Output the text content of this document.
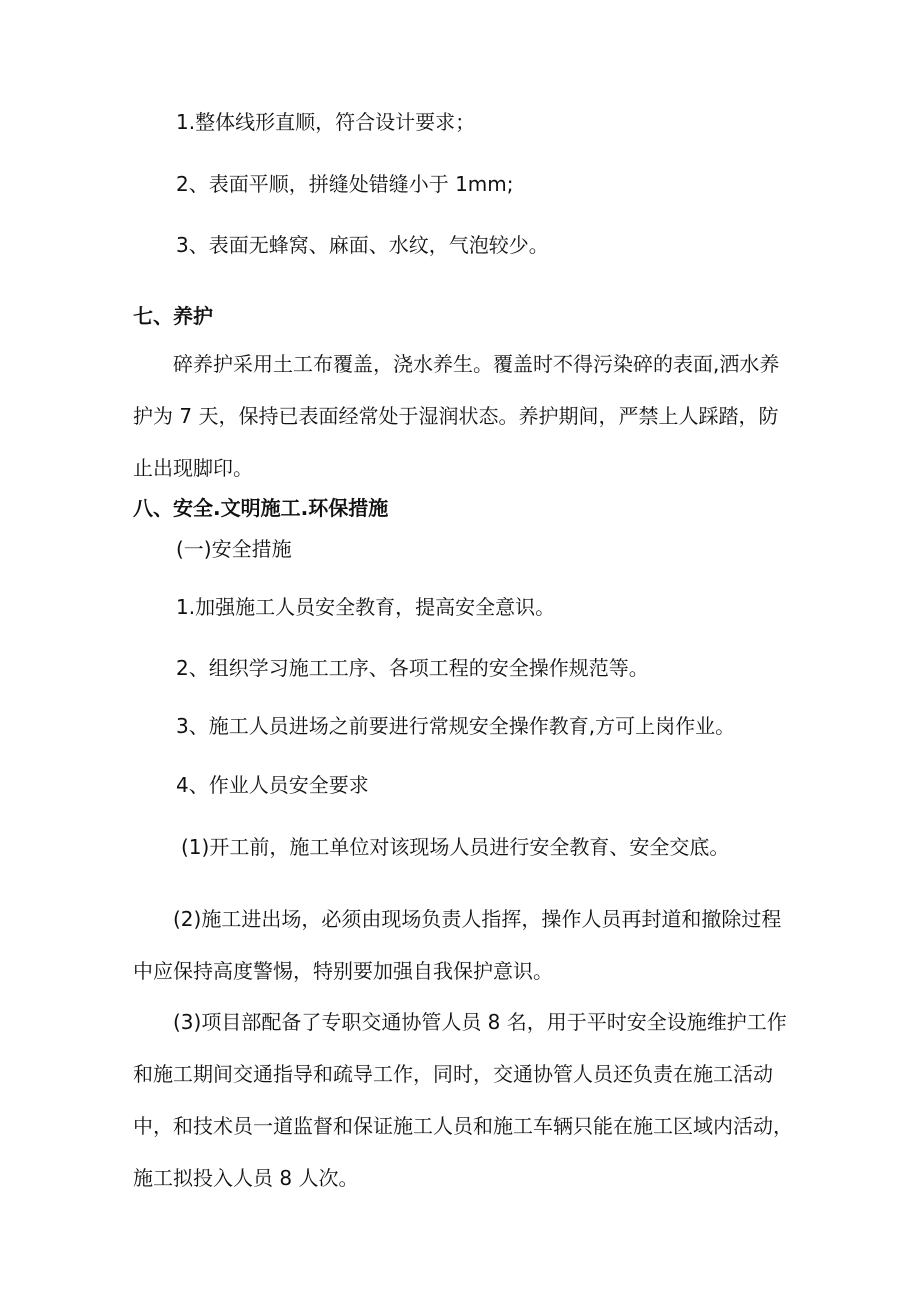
1.整体线形直顺，符合设计要求；
2、表面平顺，拼缝处错缝小于 1mm;
3、表面无蜂窝、麻面、水纹，气泡较少。
七、养护
碎养护采用土工布覆盖，浇水养生。覆盖时不得污染碎的表面,洒水养护为 7 天，保持已表面经常处于湿润状态。养护期间，严禁上人踩踏，防止出现脚印。
八、安全.文明施工.环保措施
(一)安全措施
1.加强施工人员安全教育，提高安全意识。
2、组织学习施工工序、各项工程的安全操作规范等。
3、施工人员进场之前要进行常规安全操作教育,方可上岗作业。
4、作业人员安全要求
(1)开工前，施工单位对该现场人员进行安全教育、安全交底。
(2)施工进出场，必须由现场负责人指挥，操作人员再封道和撤除过程中应保持高度警惕，特别要加强自我保护意识。
(3)项目部配备了专职交通协管人员 8 名，用于平时安全设施维护工作和施工期间交通指导和疏导工作，同时，交通协管人员还负责在施工活动中，和技术员一道监督和保证施工人员和施工车辆只能在施工区域内活动，施工拟投入人员 8 人次。
